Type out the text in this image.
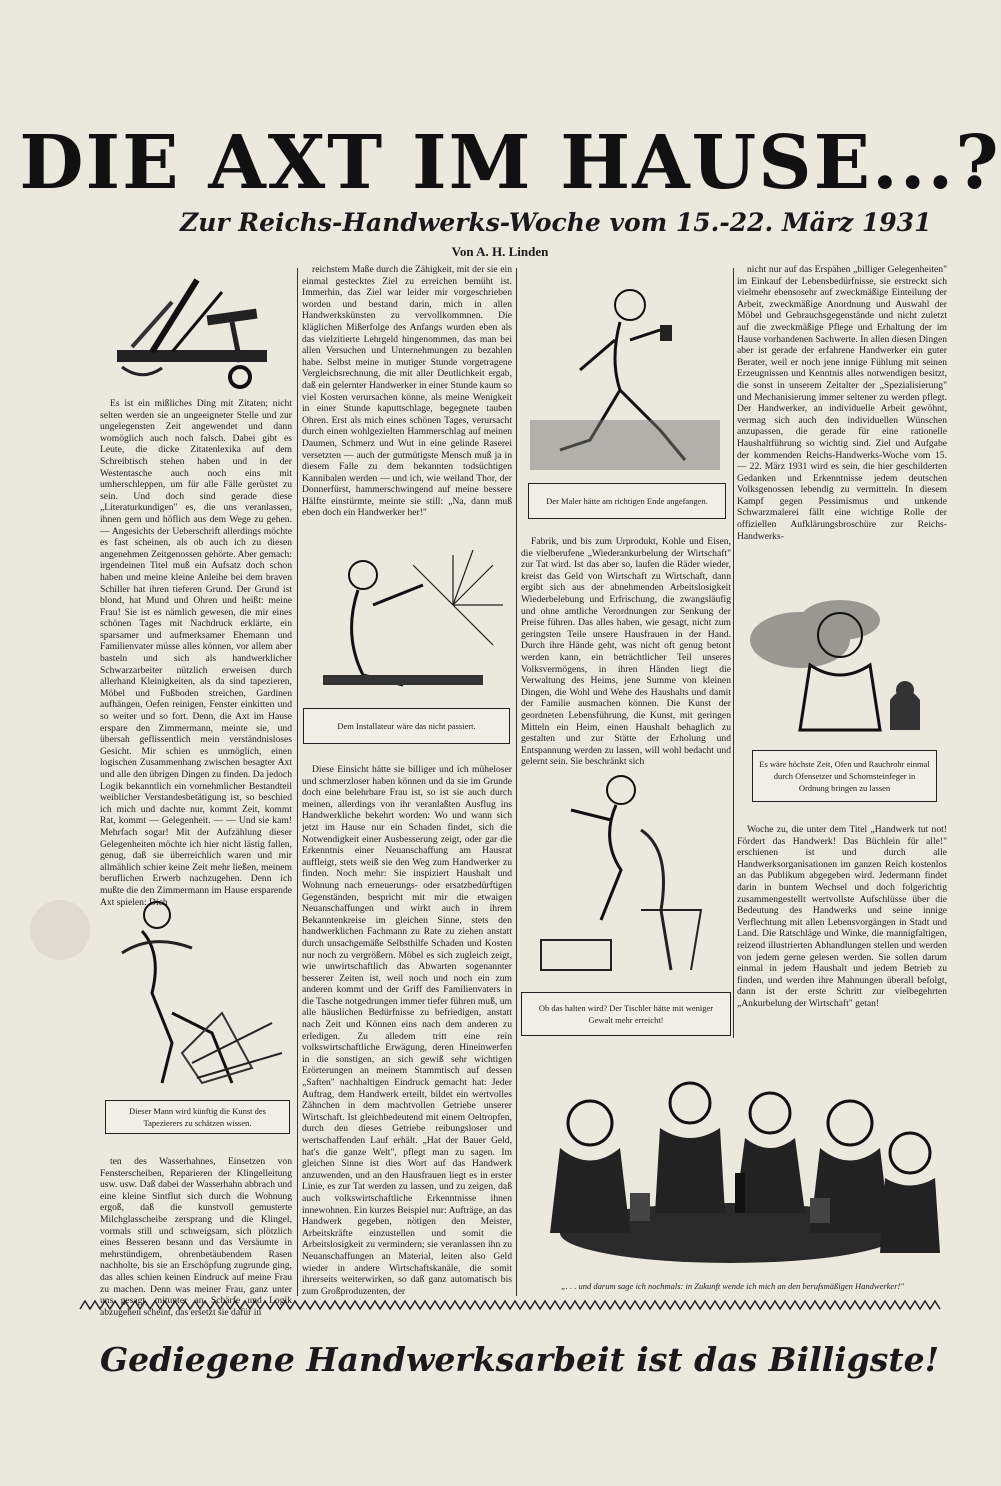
DIE AXT IM HAUSE...?
Zur Reichs-Handwerks-Woche vom 15.-22. März 1931
Von A. H. Linden

Es ist ein mißliches Ding mit Zitaten; nicht selten werden sie an ungeeigneter Stelle und zur ungelegensten Zeit angewendet und dann womöglich auch noch falsch. Dabei gibt es Leute, die dicke Zitatenlexika auf dem Schreibtisch stehen haben und in der Westentasche auch noch eins mit umherschleppen, um für alle Fälle gerüstet zu sein. Und doch sind gerade diese „Literaturkundigen" es, die uns veranlassen, ihnen gern und höflich aus dem Wege zu gehen. — Angesichts der Ueberschrift allerdings möchte es fast scheinen, als ob auch ich zu diesen angenehmen Zeitgenossen gehörte. Aber gemach: irgendeinen Titel muß ein Aufsatz doch schon haben und meine kleine Anleihe bei dem braven Schiller hat ihren tieferen Grund. Der Grund ist blond, hat Mund und Ohren und heißt: meine Frau! Sie ist es nämlich gewesen, die mir eines schönen Tages mit Nachdruck erklärte, ein sparsamer und aufmerksamer Ehemann und Familienvater müsse alles können, vor allem aber basteln und sich als handwerklicher Schwarzarbeiter nützlich erweisen durch allerhand Kleinigkeiten, als da sind tapezieren, Möbel und Fußboden streichen, Gardinen aufhängen, Oefen reinigen, Fenster einkitten und so weiter und so fort. Denn, die Axt im Hause erspare den Zimmermann, meinte sie, und übersah geflissentlich mein verständnisloses Gesicht. Mir schien es unmöglich, einen logischen Zusammenhang zwischen besagter Axt und alle den übrigen Dingen zu finden. Da jedoch Logik bekanntlich ein vornehmlicher Bestandteil weiblicher Verstandesbetätigung ist, so beschied ich mich und dachte nur, kommt Zeit, kommt Rat, kommt — Gelegenheit. — — Und sie kam! Mehrfach sogar! Mit der Aufzählung dieser Gelegenheiten möchte ich hier nicht lästig fallen, genug, daß sie überreichlich waren und mir allmählich schier keine Zeit mehr ließen, meinem beruflichen Erwerb nachzugehen. Denn ich mußte die den Zimmermann im Hause ersparende Axt spielen: Dich

Dieser Mann wird künftig die Kunst des Tapezierers zu schätzen wissen.

ten des Wasserhahnes, Einsetzen von Fensterscheiben, Reparieren der Klingelleitung usw. usw. Daß dabei der Wasserhahn abbrach und eine kleine Sintflut sich durch die Wohnung ergoß, daß die kunstvoll gemusterte Milchglasscheibe zersprang und die Klingel, vormals still und schweigsam, sich plötzlich eines Besseren besann und das Versäumte in mehrstündigem, ohrenbetäubendem Rasen nachholte, bis sie an Erschöpfung zugrunde ging, das alles schien keinen Eindruck auf meine Frau zu machen. Denn was meiner Frau, ganz unter uns gesagt, mitunter an Schärfe und Logik abzugehen scheint, das ersetzt sie dafür in

reichstem Maße durch die Zähigkeit, mit der sie ein einmal gestecktes Ziel zu erreichen bemüht ist. Immerhin, das Ziel war leider mir vorgeschrieben worden und bestand darin, mich in allen Handwerkskünsten zu vervollkommnen. Die kläglichen Mißerfolge des Anfangs wurden eben als das vielzitierte Lehrgeld hingenommen, das man bei allen Versuchen und Unternehmungen zu bezahlen habe. Selbst meine in mutiger Stunde vorgetragene Vergleichsrechnung, die mit aller Deutlichkeit ergab, daß ein gelernter Handwerker in einer Stunde kaum so viel Kosten verursachen könne, als meine Wenigkeit in einer Stunde kaputtschlage, begegnete tauben Ohren. Erst als mich eines schönen Tages, verursacht durch einen wohlgezielten Hammerschlag auf meinen Daumen, Schmerz und Wut in eine gelinde Raserei versetzten — auch der gutmütigste Mensch muß ja in diesem Falle zu dem bekannten todsüchtigen Kannibalen werden — und ich, wie weiland Thor, der Donnerfürst, hammerschwingend auf meine bessere Hälfte einstürmte, meinte sie still: „Na, dann muß eben doch ein Handwerker her!"

Dem Installateur wäre das nicht passiert.

Diese Einsicht hätte sie billiger und ich müheloser und schmerzloser haben können und da sie im Grunde doch eine belehrbare Frau ist, so ist sie auch durch meinen, allerdings von ihr veranlaßten Ausflug ins Handwerkliche bekehrt worden: Wo und wann sich jetzt im Hause nur ein Schaden findet, sich die Notwendigkeit einer Ausbesserung zeigt, oder gar die Erkenntnis einer Neuanschaffung am Hausrat auffleigt, stets weiß sie den Weg zum Handwerker zu finden. Noch mehr: Sie inspiziert Haushalt und Wohnung nach erneuerungs- oder ersatzbedürftigen Gegenständen, bespricht mit mir die etwaigen Neuanschaffungen und wirkt auch in ihrem Bekanntenkreise im gleichen Sinne, stets den handwerklichen Fachmann zu Rate zu ziehen anstatt durch unsachgemäße Selbsthilfe Schaden und Kosten nur noch zu vergrößern. Möbel es sich zugleich zeigt, wie unwirtschaftlich das Abwarten sogenannter besserer Zeiten ist, weil noch und noch ein zum anderen kommt und der Griff des Familienvaters in die Tasche notgedrungen immer tiefer führen muß, um alle häuslichen Bedürfnisse zu befriedigen, anstatt nach Zeit und Können eins nach dem anderen zu erledigen. Zu alledem tritt eine rein volkswirtschaftliche Erwägung, deren Hineinwerfen in die sonstigen, an sich gewiß sehr wichtigen Erörterungen an meinem Stammtisch auf dessen „Saften" nachhaltigen Eindruck gemacht hat: Jeder Auftrag, dem Handwerk erteilt, bildet ein wertvolles Zähnchen in dem machtvollen Getriebe unserer Wirtschaft. Ist gleichbedeutend mit einem Oeltropfen, durch den dieses Getriebe reibungsloser und wertschaffenden Lauf erhält. „Hat der Bauer Geld, hat's die ganze Welt", pflegt man zu sagen. Im gleichen Sinne ist dies Wort auf das Handwerk anzuwenden, und an den Hausfrauen liegt es in erster Linie, es zur Tat werden zu lassen, und zu zeigen, daß auch volkswirtschaftliche Erkenntnisse ihnen innewohnen. Ein kurzes Beispiel nur: Aufträge, an das Handwerk gegeben, nötigen den Meister, Arbeitskräfte einzustellen und somit die Arbeitslosigkeit zu vermindern; sie veranlassen ihn zu Neuanschaffungen an Material, leiten also Geld wieder in andere Wirtschaftskanäle, die somit ihrerseits weiterwirken, so daß ganz automatisch bis zum Großproduzenten, der

Der Maler hätte am richtigen Ende angefangen.

Fabrik, und bis zum Urprodukt, Kohle und Eisen, die vielberufene „Wiederankurbelung der Wirtschaft" zur Tat wird. Ist das aber so, laufen die Räder wieder, kreist das Geld von Wirtschaft zu Wirtschaft, dann ergibt sich aus der abnehmenden Arbeitslosigkeit Wiederbelebung und Erfrischung, die zwangsläufig und ohne amtliche Verordnungen zur Senkung der Preise führen. Das alles haben, wie gesagt, nicht zum geringsten Teile unsere Hausfrauen in der Hand. Durch ihre Hände geht, was nicht oft genug betont werden kann, ein beträchtlicher Teil unseres Volksvermögens, in ihren Händen liegt die Verwaltung des Heims, jene Summe von kleinen Dingen, die Wohl und Wehe des Haushalts und damit der Familie ausmachen können. Die Kunst der geordneten Lebensführung, die Kunst, mit geringen Mitteln ein Heim, einen Haushalt behaglich zu gestalten und zur Stätte der Erholung und Entspannung werden zu lassen, will wohl bedacht und gelernt sein. Sie beschränkt sich

Ob das halten wird? Der Tischler hätte mit weniger Gewalt mehr erreicht!

nicht nur auf das Erspähen „billiger Gelegenheiten" im Einkauf der Lebensbedürfnisse, sie erstreckt sich vielmehr ebensosehr auf zweckmäßige Einteilung der Arbeit, zweckmäßige Anordnung und Auswahl der Möbel und Gebrauchsgegenstände und nicht zuletzt auf die zweckmäßige Pflege und Erhaltung der im Hause vorhandenen Sachwerte. In allen diesen Dingen aber ist gerade der erfahrene Handwerker ein guter Berater, weil er noch jene innige Fühlung mit seinen Erzeugnissen und Kenntnis alles notwendigen besitzt, die sonst in unserem Zeitalter der „Spezialisierung" und Mechanisierung immer seltener zu werden pflegt. Der Handwerker, an individuelle Arbeit gewöhnt, vermag sich auch den individuellen Wünschen anzupassen, die gerade für eine rationelle Haushaltführung so wichtig sind. Ziel und Aufgabe der kommenden Reichs-Handwerks-Woche vom 15. — 22. März 1931 wird es sein, die hier geschilderten Gedanken und Erkenntnisse jedem deutschen Volksgenossen lebendig zu vermitteln. In diesem Kampf gegen Pessimismus und unkende Schwarzmalerei fällt eine wichtige Rolle der offiziellen Aufklärungsbroschüre zur Reichs-Handwerks-

Es wäre höchste Zeit, Ofen und Rauchrohr einmal durch Ofensetzer und Schornsteinfeger in Ordnung bringen zu lassen

Woche zu, die unter dem Titel „Handwerk tut not! Fördert das Handwerk! Das Büchlein für alle!" erschienen ist und durch alle Handwerksorganisationen im ganzen Reich kostenlos an das Publikum abgegeben wird. Jedermann findet darin in buntem Wechsel und doch folgerichtig zusammengestellt wertvollste Aufschlüsse über die Bedeutung des Handwerks und seine innige Verflechtung mit allen Lebensvorgängen in Stadt und Land. Die Ratschläge und Winke, die mannigfaltigen, reizend illustrierten Abhandlungen stellen und werden von jedem gerne gelesen werden. Sie sollen darum einmal in jedem Haushalt und jedem Betrieb zu finden, und werden ihre Mahnungen überall befolgt, dann ist der erste Schritt zur vielbegehrten „Ankurbelung der Wirtschaft" getan!

„. . . und darum sage ich nochmals: in Zukunft wende ich mich an den berufsmäßigen Handwerker!"
Gediegene Handwerksarbeit ist das Billigste!
